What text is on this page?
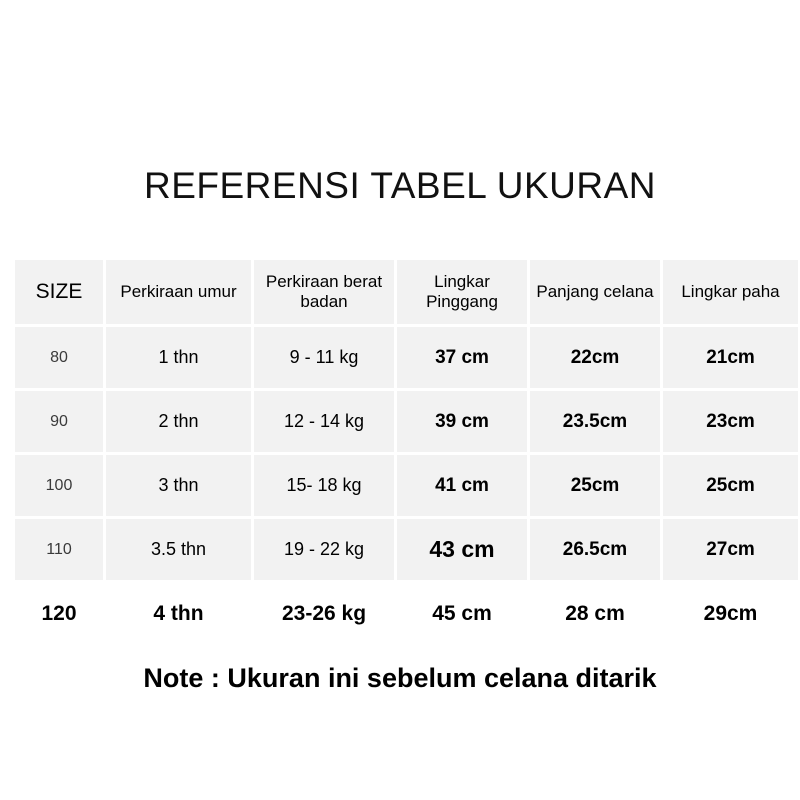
REFERENSI TABEL UKURAN
SIZE	Perkiraan umur	Perkiraan berat badan	Lingkar Pinggang	Panjang celana	Lingkar paha
80	1 thn	9 - 11 kg	37 cm	22cm	21cm
90	2 thn	12 - 14 kg	39 cm	23.5cm	23cm
100	3 thn	15- 18 kg	41 cm	25cm	25cm
110	3.5 thn	19 - 22 kg	43 cm	26.5cm	27cm
120	4 thn	23-26 kg	45 cm	28 cm	29cm
Note : Ukuran ini sebelum celana ditarik
